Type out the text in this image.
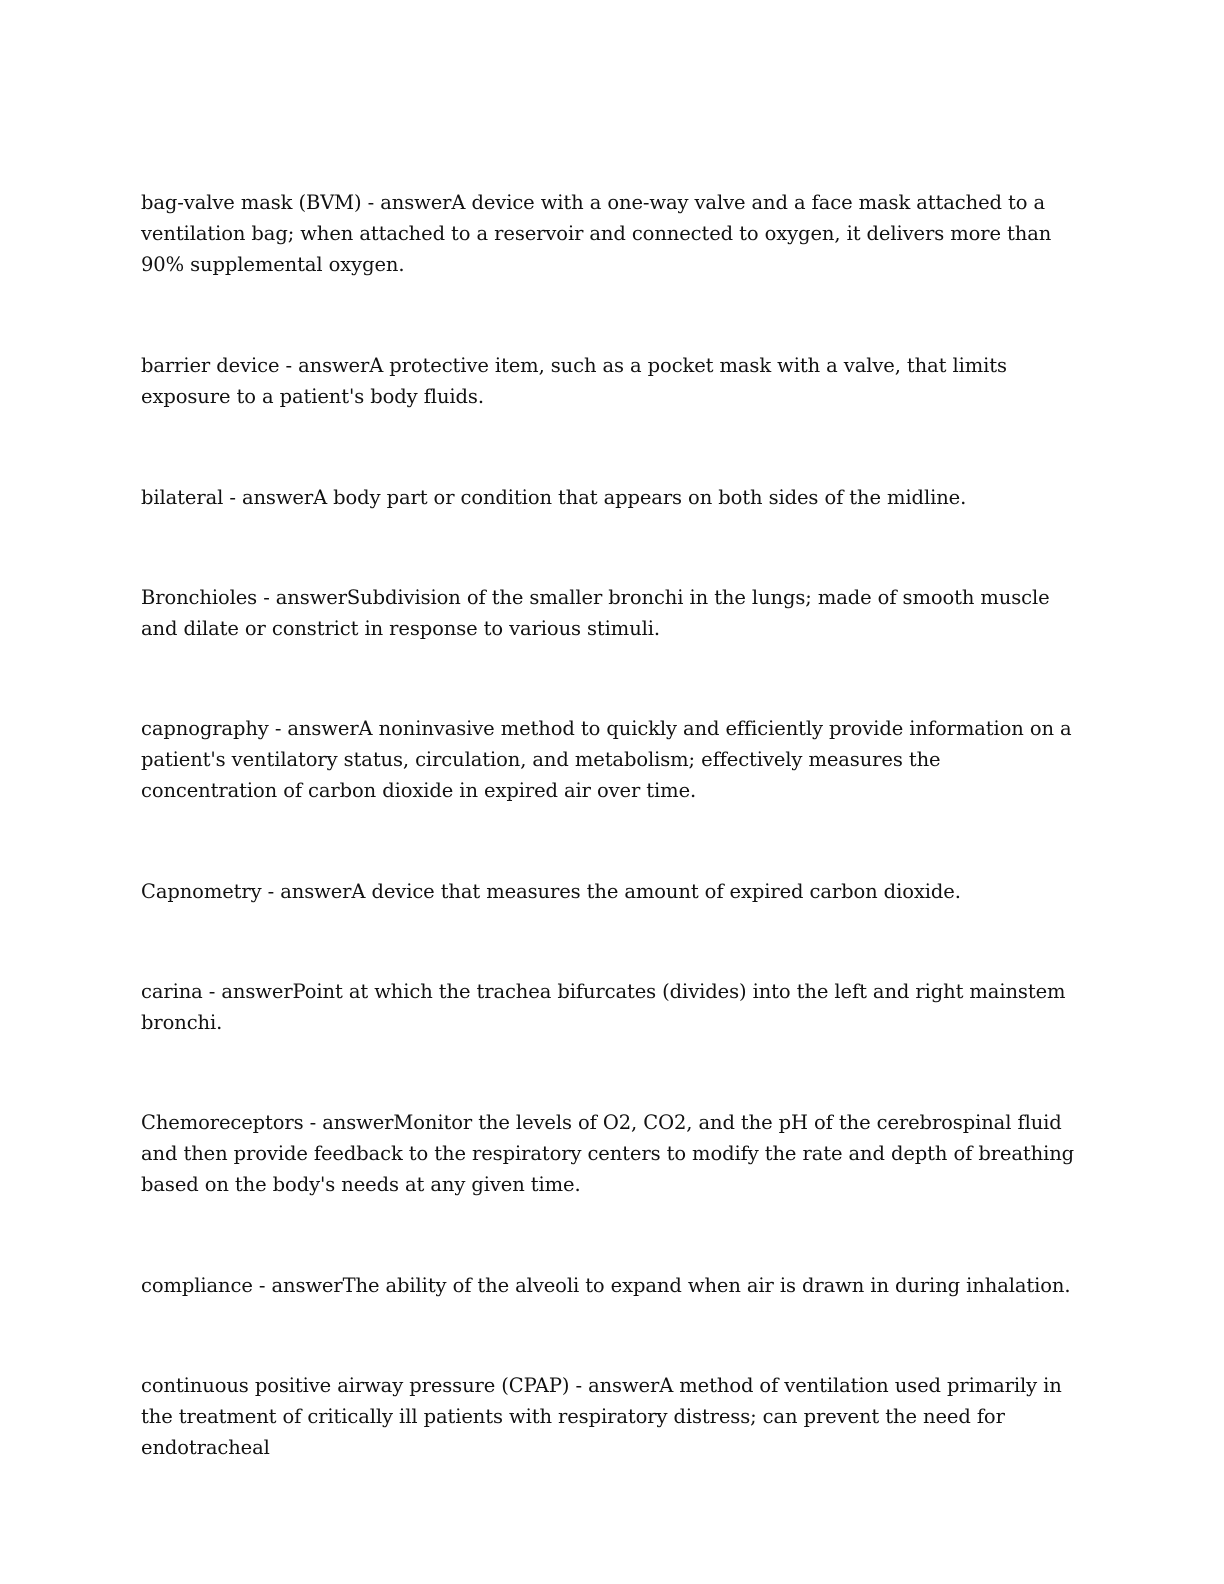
bag-valve mask (BVM) - answerA device with a one-way valve and a face mask attached to a ventilation bag; when attached to a reservoir and connected to oxygen, it delivers more than 90% supplemental oxygen.

barrier device - answerA protective item, such as a pocket mask with a valve, that limits exposure to a patient's body fluids.

bilateral - answerA body part or condition that appears on both sides of the midline.

Bronchioles - answerSubdivision of the smaller bronchi in the lungs; made of smooth muscle and dilate or constrict in response to various stimuli.

capnography - answerA noninvasive method to quickly and efficiently provide information on a patient's ventilatory status, circulation, and metabolism; effectively measures the concentration of carbon dioxide in expired air over time.

Capnometry - answerA device that measures the amount of expired carbon dioxide.

carina - answerPoint at which the trachea bifurcates (divides) into the left and right mainstem bronchi.

Chemoreceptors - answerMonitor the levels of O2, CO2, and the pH of the cerebrospinal fluid and then provide feedback to the respiratory centers to modify the rate and depth of breathing based on the body's needs at any given time.

compliance - answerThe ability of the alveoli to expand when air is drawn in during inhalation.

continuous positive airway pressure (CPAP) - answerA method of ventilation used primarily in the treatment of critically ill patients with respiratory distress; can prevent the need for endotracheal
